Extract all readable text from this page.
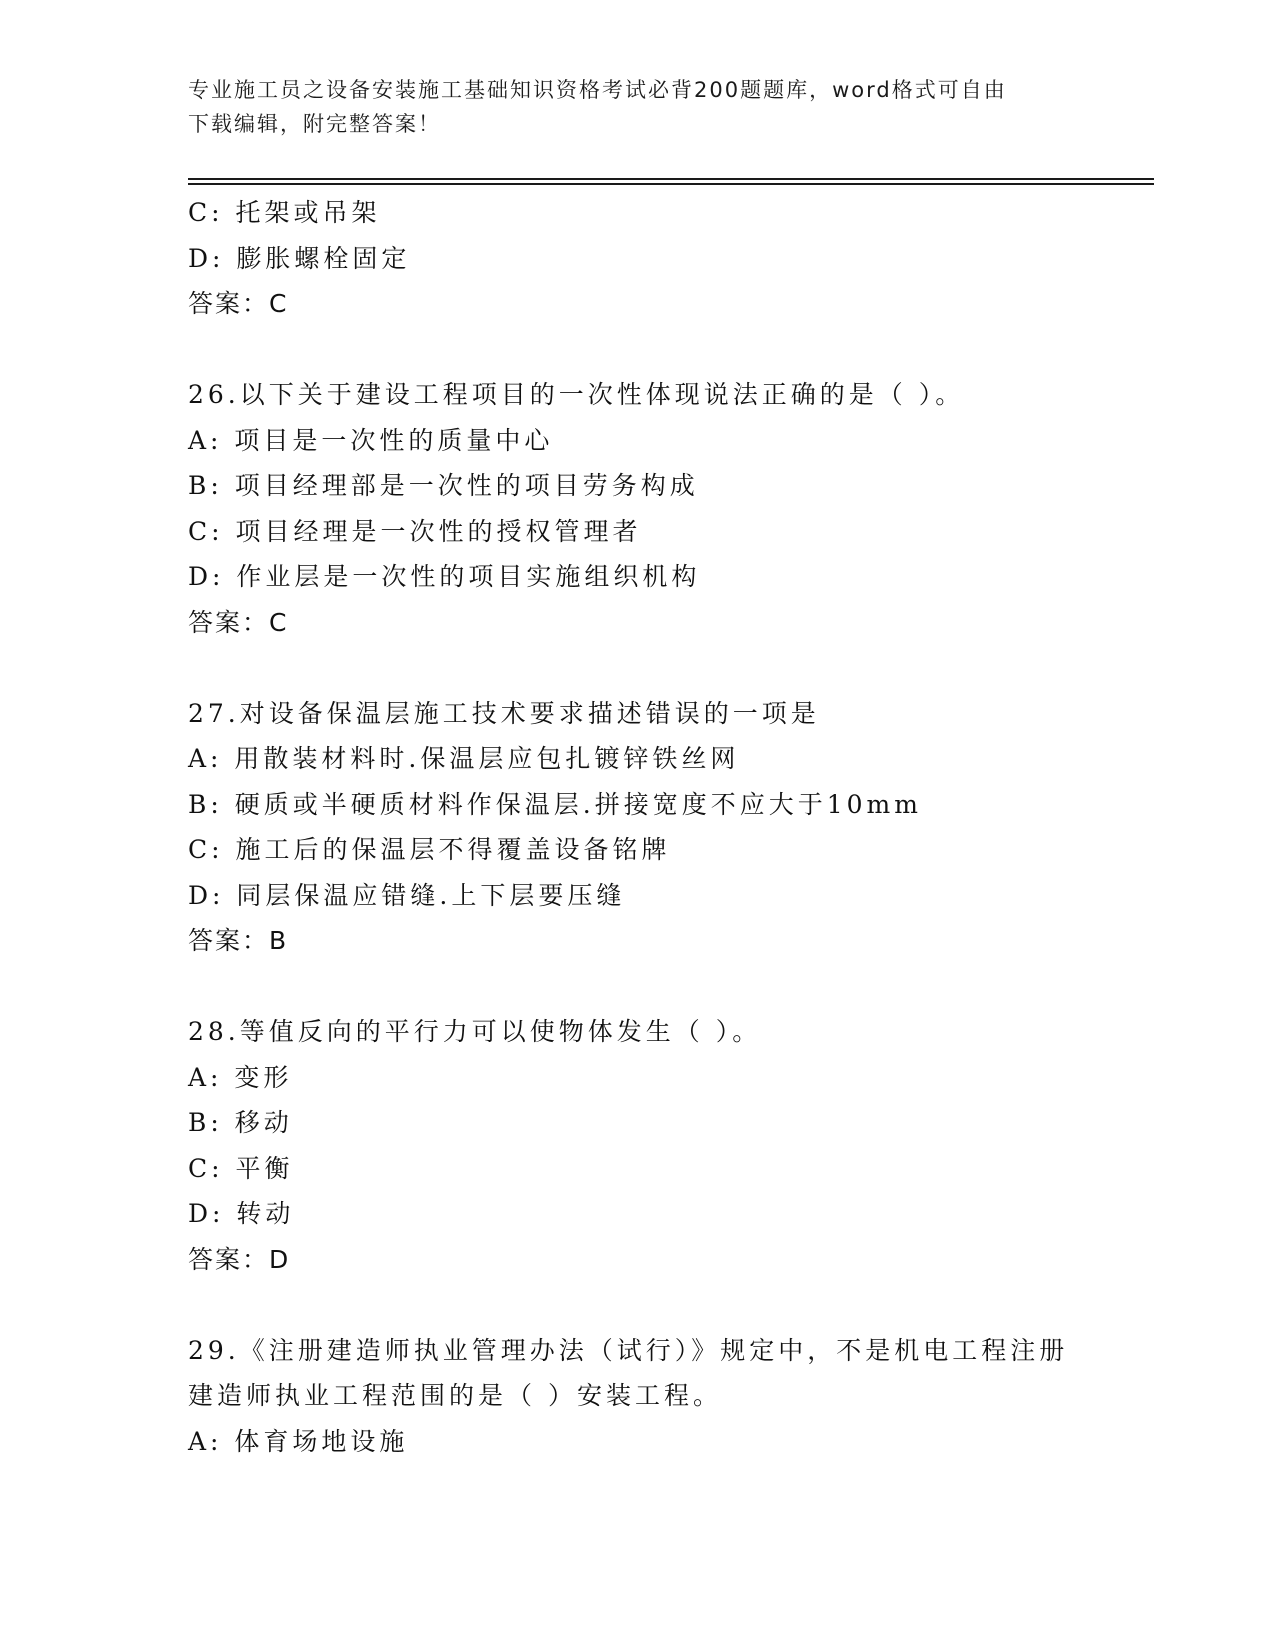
专业施工员之设备安装施工基础知识资格考试必背200题题库，word格式可自由
下载编辑，附完整答案！
C: 托架或吊架
D: 膨胀螺栓固定
答案：C
26.以下关于建设工程项目的一次性体现说法正确的是（ ）。
A: 项目是一次性的质量中心
B: 项目经理部是一次性的项目劳务构成
C: 项目经理是一次性的授权管理者
D: 作业层是一次性的项目实施组织机构
答案：C
27.对设备保温层施工技术要求描述错误的一项是
A: 用散装材料时.保温层应包扎镀锌铁丝网
B: 硬质或半硬质材料作保温层.拼接宽度不应大于10mm
C: 施工后的保温层不得覆盖设备铭牌
D: 同层保温应错缝.上下层要压缝
答案：B
28.等值反向的平行力可以使物体发生（ ）。
A: 变形
B: 移动
C: 平衡
D: 转动
答案：D
29.《注册建造师执业管理办法（试行）》规定中，不是机电工程注册
建造师执业工程范围的是（ ）安装工程。
A: 体育场地设施
